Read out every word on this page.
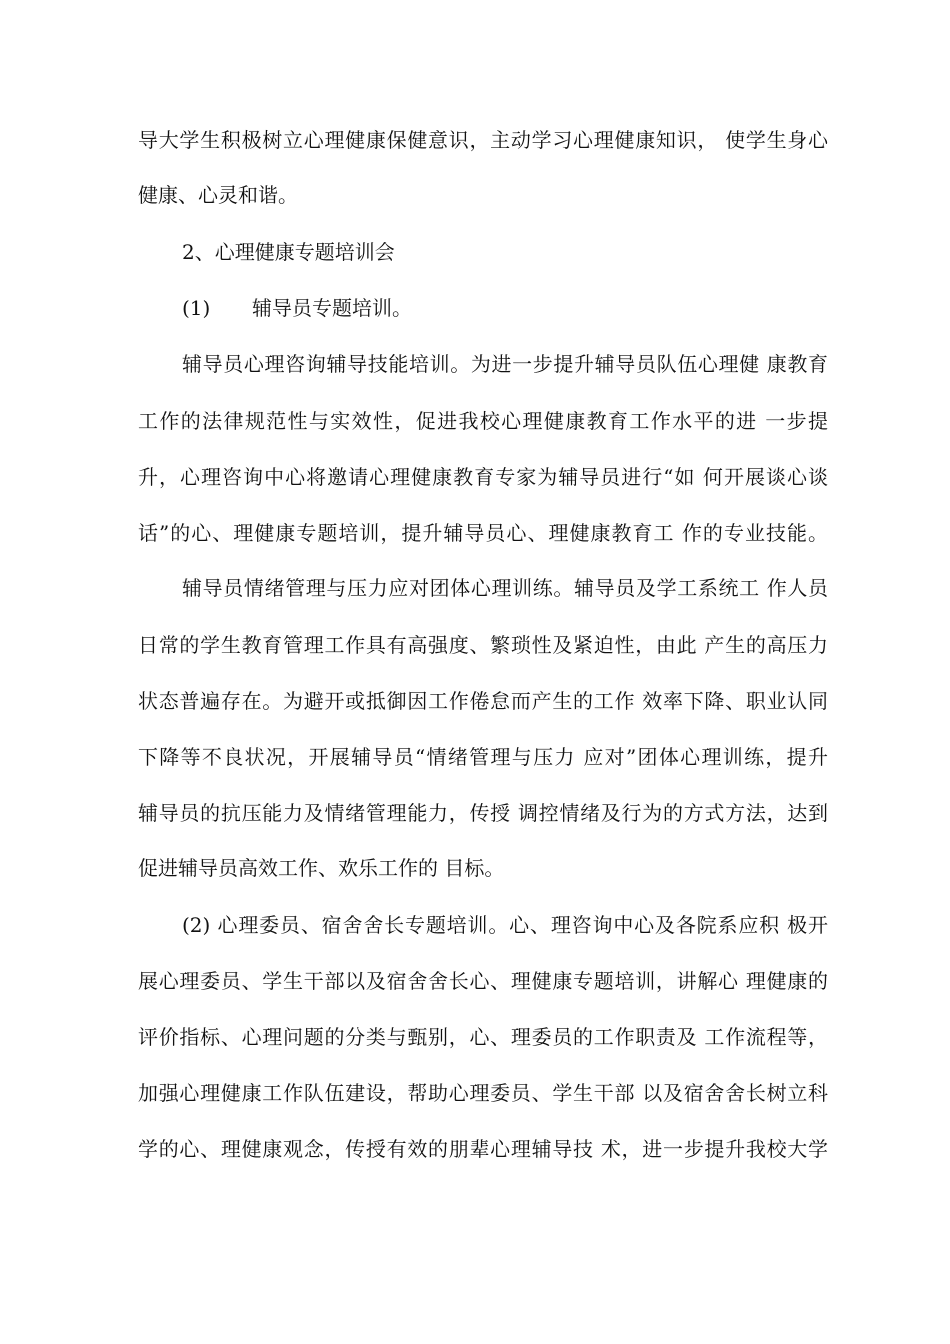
导大学生积极树立心理健康保健意识，主动学习心理健康知识， 使学生身心
健康、心灵和谐。
2、心理健康专题培训会
(1) 辅导员专题培训。
辅导员心理咨询辅导技能培训。为进一步提升辅导员队伍心理健 康教育
工作的法律规范性与实效性，促进我校心理健康教育工作水平的进 一步提
升，心理咨询中心将邀请心理健康教育专家为辅导员进行“如 何开展谈心谈
话”的心、理健康专题培训，提升辅导员心、理健康教育工 作的专业技能。
辅导员情绪管理与压力应对团体心理训练。辅导员及学工系统工 作人员
日常的学生教育管理工作具有高强度、繁琐性及紧迫性，由此 产生的高压力
状态普遍存在。为避开或抵御因工作倦怠而产生的工作 效率下降、职业认同
下降等不良状况，开展辅导员“情绪管理与压力 应对”团体心理训练，提升
辅导员的抗压能力及情绪管理能力，传授 调控情绪及行为的方式方法，达到
促进辅导员高效工作、欢乐工作的 目标。
(2) 心理委员、宿舍舍长专题培训。心、理咨询中心及各院系应积 极开
展心理委员、学生干部以及宿舍舍长心、理健康专题培训，讲解心 理健康的
评价指标、心理问题的分类与甄别，心、理委员的工作职责及 工作流程等，
加强心理健康工作队伍建设，帮助心理委员、学生干部 以及宿舍舍长树立科
学的心、理健康观念，传授有效的朋辈心理辅导技 术，进一步提升我校大学
